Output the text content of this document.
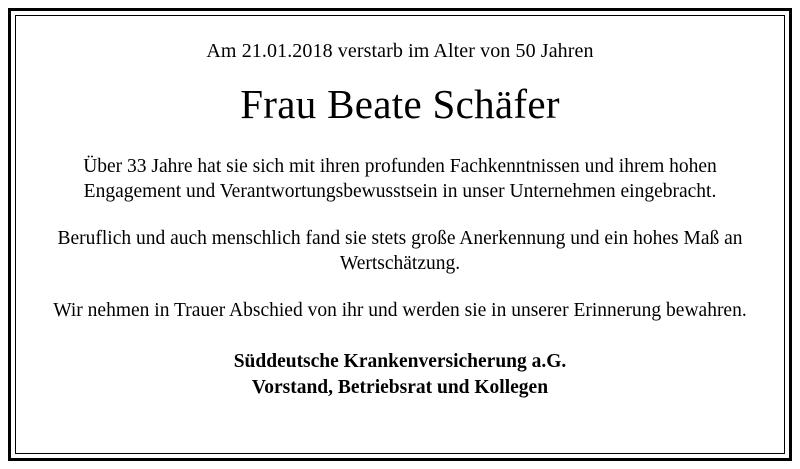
Am 21.01.2018 verstarb im Alter von 50 Jahren
Frau Beate Schäfer

Über 33 Jahre hat sie sich mit ihren profunden Fachkenntnissen und ihrem hohen Engagement und Verantwortungsbewusstsein in unser Unternehmen eingebracht.

Beruflich und auch menschlich fand sie stets große Anerkennung und ein hohes Maß an Wertschätzung.

Wir nehmen in Trauer Abschied von ihr und werden sie in unserer Erinnerung bewahren.

Süddeutsche Krankenversicherung a.G.
Vorstand, Betriebsrat und Kollegen
